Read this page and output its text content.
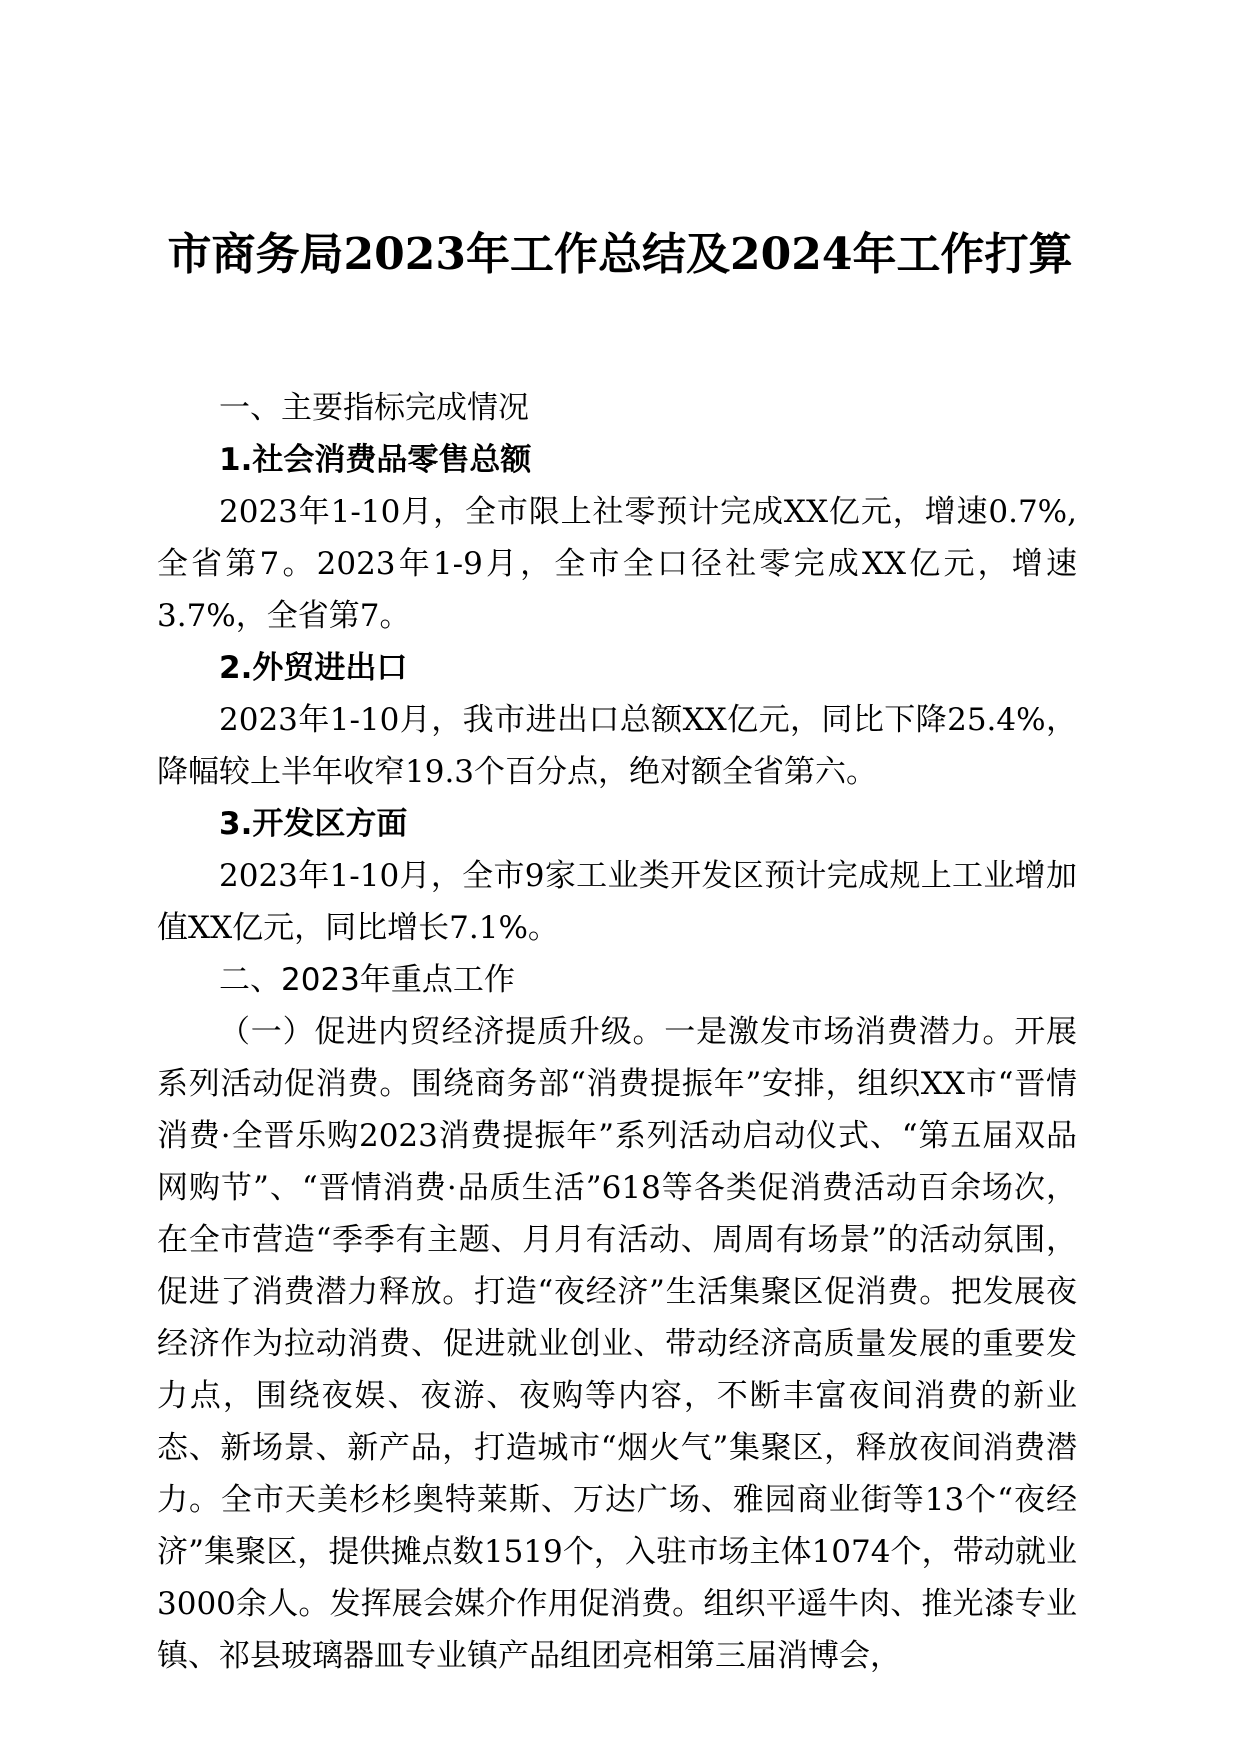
市商务局2023年工作总结及2024年工作打算

一、主要指标完成情况

1.社会消费品零售总额

2023年1-10月，全市限上社零预计完成XX亿元，增速0.7%,全省第7。2023年1-9月，全市全口径社零完成XX亿元，增速3.7%，全省第7。

2.外贸进出口

2023年1-10月，我市进出口总额XX亿元，同比下降25.4%，降幅较上半年收窄19.3个百分点，绝对额全省第六。

3.开发区方面

2023年1-10月，全市9家工业类开发区预计完成规上工业增加值XX亿元，同比增长7.1%。

二、2023年重点工作

（一）促进内贸经济提质升级。一是激发市场消费潜力。开展系列活动促消费。围绕商务部“消费提振年”安排，组织XX市“晋情消费·全晋乐购2023消费提振年”系列活动启动仪式、“第五届双品网购节”、“晋情消费·品质生活”618等各类促消费活动百余场次，在全市营造“季季有主题、月月有活动、周周有场景”的活动氛围，促进了消费潜力释放。打造“夜经济”生活集聚区促消费。把发展夜经济作为拉动消费、促进就业创业、带动经济高质量发展的重要发力点，围绕夜娱、夜游、夜购等内容，不断丰富夜间消费的新业态、新场景、新产品，打造城市“烟火气”集聚区，释放夜间消费潜力。全市天美杉杉奥特莱斯、万达广场、雅园商业街等13个“夜经济”集聚区，提供摊点数1519个，入驻市场主体1074个，带动就业3000余人。发挥展会媒介作用促消费。组织平遥牛肉、推光漆专业镇、祁县玻璃器皿专业镇产品组团亮相第三届消博会，
